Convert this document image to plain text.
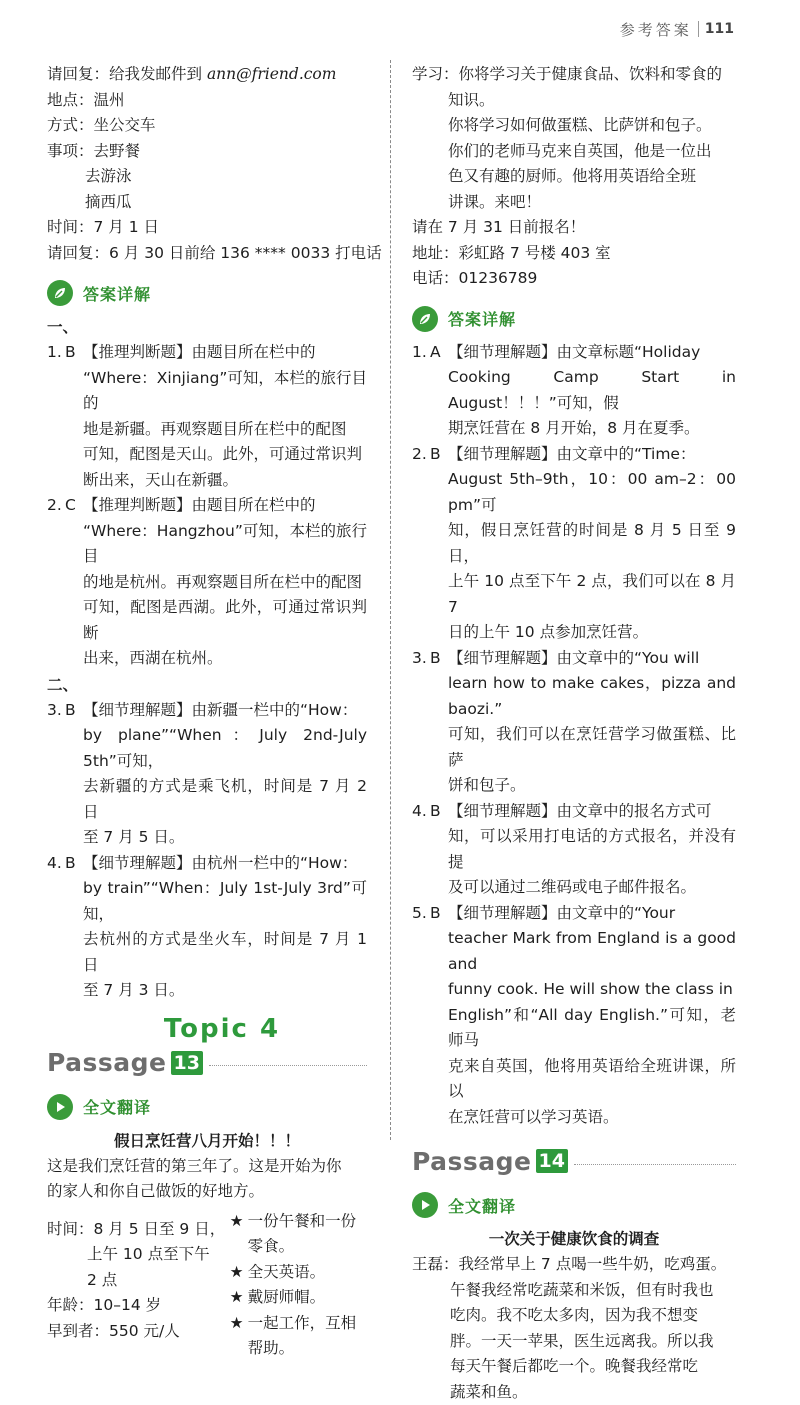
参考答案 111
请回复：给我发邮件到 ann@friend.com
地点：温州
方式：坐公交车
事项：去野餐
去游泳
摘西瓜
时间：7 月 1 日
请回复：6 月 30 日前给 136 **** 0033 打电话
答案详解
一、
1. B 【推理判断题】由题目所在栏中的
“Where：Xinjiang”可知，本栏的旅行目的
地是新疆。再观察题目所在栏中的配图
可知，配图是天山。此外，可通过常识判
断出来，天山在新疆。
2. C 【推理判断题】由题目所在栏中的
“Where：Hangzhou”可知，本栏的旅行目
的地是杭州。再观察题目所在栏中的配图
可知，配图是西湖。此外，可通过常识判断
出来，西湖在杭州。
二、
3. B 【细节理解题】由新疆一栏中的“How：
by plane”“When：July 2nd-July 5th”可知，
去新疆的方式是乘飞机，时间是 7 月 2 日
至 7 月 5 日。
4. B 【细节理解题】由杭州一栏中的“How：
by train”“When：July 1st-July 3rd”可知，
去杭州的方式是坐火车，时间是 7 月 1 日
至 7 月 3 日。
Topic 4
Passage 13
全文翻译
假日烹饪营八月开始！！！
这是我们烹饪营的第三年了。这是开始为你
的家人和你自己做饭的好地方。
时间：8 月 5 日至 9 日，
上午 10 点至下午
2 点
年龄：10–14 岁
早到者：550 元/人
★ 一份午餐和一份
零食。
★ 全天英语。
★ 戴厨师帽。
★ 一起工作，互相
帮助。
学习：你将学习关于健康食品、饮料和零食的
知识。
你将学习如何做蛋糕、比萨饼和包子。
你们的老师马克来自英国，他是一位出
色又有趣的厨师。他将用英语给全班
讲课。来吧！
请在 7 月 31 日前报名！
地址：彩虹路 7 号楼 403 室
电话：01236789
答案详解
1. A 【细节理解题】由文章标题“Holiday
Cooking Camp Start in August！！！”可知，假
期烹饪营在 8 月开始，8 月在夏季。
2. B 【细节理解题】由文章中的“Time：
August 5th–9th，10：00 am–2：00 pm”可
知，假日烹饪营的时间是 8 月 5 日至 9 日，
上午 10 点至下午 2 点，我们可以在 8 月 7
日的上午 10 点参加烹饪营。
3. B 【细节理解题】由文章中的“You will
learn how to make cakes，pizza and baozi.”
可知，我们可以在烹饪营学习做蛋糕、比萨
饼和包子。
4. B 【细节理解题】由文章中的报名方式可
知，可以采用打电话的方式报名，并没有提
及可以通过二维码或电子邮件报名。
5. B 【细节理解题】由文章中的“Your
teacher Mark from England is a good and
funny cook. He will show the class in
English”和“All day English.”可知，老师马
克来自英国，他将用英语给全班讲课，所以
在烹饪营可以学习英语。
Passage 14
全文翻译
一次关于健康饮食的调查
王磊：我经常早上 7 点喝一些牛奶，吃鸡蛋。
午餐我经常吃蔬菜和米饭，但有时我也
吃肉。我不吃太多肉，因为我不想变
胖。一天一苹果，医生远离我。所以我
每天午餐后都吃一个。晚餐我经常吃
蔬菜和鱼。
